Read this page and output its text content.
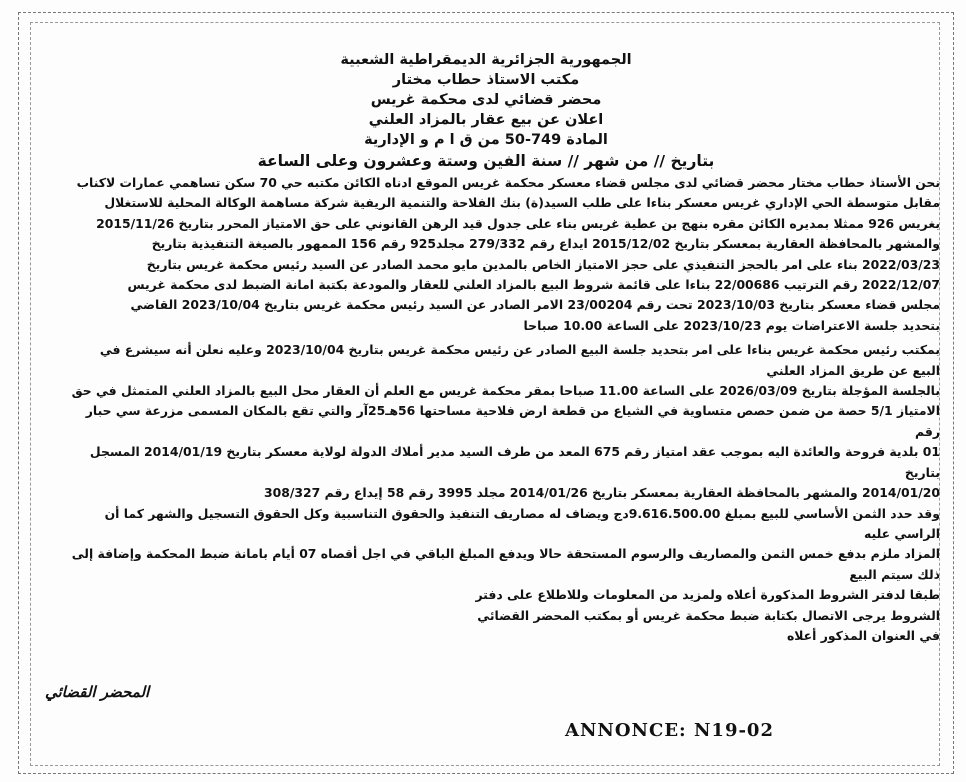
الجمهورية الجزائرية الديمقراطية الشعبية
مكتب الاستاذ حطاب مختار
محضر قضائي لدى محكمة غريس
اعلان عن بيع عقار بالمزاد العلني
المادة 749-50 من ق ا م و الإدارية
بتاريخ // من شهر // سنة الفين وستة وعشرون وعلى الساعة
نحن الأستاذ حطاب مختار محضر قضائي لدى مجلس قضاء معسكر محكمة غريس الموقع ادناه الكائن مكتبه حي 70 سكن تساهمي عمارات لاكناب
مقابل متوسطة الحي الإداري غريس معسكر بناءا على طلب السيد(ة) بنك الفلاحة والتنمية الريفية شركة مساهمة الوكالة المحلية للاستغلال
بغريس 926 ممثلا بمديره الكائن مقره بنهج بن عطية غريس بناء على جدول قيد الرهن القانوني على حق الامتياز المحرر بتاريخ 2015/11/26
والمشهر بالمحافظة العقارية بمعسكر بتاريخ 2015/12/02 ايداع رقم 279/332 مجلد925 رقم 156 الممهور بالصيغة التنفيذية بتاريخ
2022/03/23 بناء على امر بالحجز التنفيذي على حجز الامتياز الخاص بالمدين مايو محمد الصادر عن السيد رئيس محكمة غريس بتاريخ
2022/12/07 رقم الترتيب 22/00686 بناءا على قائمة شروط البيع بالمزاد العلني للعقار والمودعة بكتبة امانة الضبط لدى محكمة غريس
مجلس قضاء معسكر بتاريخ 2023/10/03 تحت رقم 23/00204 الامر الصادر عن السيد رئيس محكمة غريس بتاريخ 2023/10/04 القاضي
بتحديد جلسة الاعتراضات يوم 2023/10/23 على الساعة 10.00 صباحا
بمكتب رئيس محكمة غريس بناءا على امر بتحديد جلسة البيع الصادر عن رئيس محكمة غريس بتاريخ 2023/10/04 وعليه نعلن أنه سيشرع في
البيع عن طريق المزاد العلني
بالجلسة المؤجلة بتاريخ 2026/03/09 على الساعة 11.00 صباحا بمقر محكمة غريس مع العلم أن العقار محل البيع بالمزاد العلني المتمثل في حق
الامتياز 5/1 حصة من ضمن حصص متساوية في الشياع من قطعة ارض فلاحية مساحتها 56هـ25آر والتي تقع بالمكان المسمى مزرعة سي حبار
رقم
01 بلدية فروحة والعائدة اليه بموجب عقد امتياز رقم 675 المعد من طرف السيد مدير أملاك الدولة لولاية معسكر بتاريخ 2014/01/19 المسجل
بتاريخ
2014/01/20 والمشهر بالمحافظة العقارية بمعسكر بتاريخ 2014/01/26 مجلد 3995 رقم 58 إيداع رقم 308/327
وقد حدد الثمن الأساسي للبيع بمبلغ 9.616.500.00دج ويضاف له مصاريف التنفيذ والحقوق التناسبية وكل الحقوق التسجيل والشهر كما أن
الراسي عليه
المزاد ملزم بدفع خمس الثمن والمصاريف والرسوم المستحقة حالا ويدفع المبلغ الباقي في اجل أقصاه 07 أيام بامانة ضبط المحكمة وإضافة إلى
ذلك سيتم البيع
طبقا لدفتر الشروط المذكورة أعلاه ولمزيد من المعلومات وللاطلاع على دفتر
الشروط يرجى الاتصال بكتابة ضبط محكمة غريس أو بمكتب المحضر القضائي
في العنوان المذكور أعلاه
المحضر القضائي
ANNONCE: N19-02
